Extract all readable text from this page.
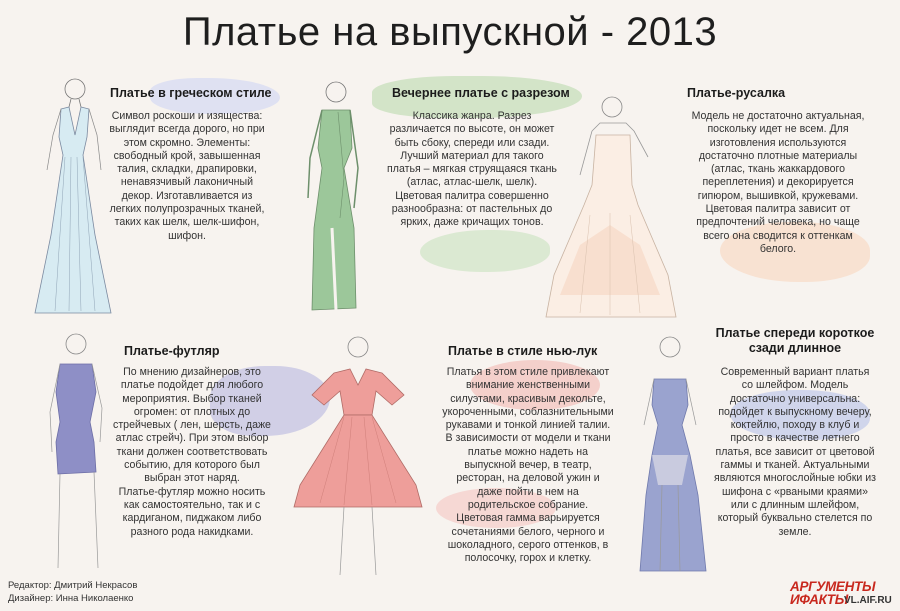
Платье на выпускной - 2013
Платье в греческом стиле
Символ роскоши и изящества:
выглядит всегда дорого, но при
этом скромно. Элементы:
свободный крой, завышенная
талия, складки, драпировки,
ненавязчивый лаконичный
декор. Изготавливается из
легких полупрозрачных тканей,
таких как шелк, шелк-шифон,
шифон.
Вечернее платье с разрезом
Классика жанра. Разрез
различается по высоте, он может
быть сбоку, спереди или сзади.
Лучший материал для такого
платья – мягкая струящаяся ткань
(атлас, атлас-шелк, шелк).
Цветовая палитра совершенно
разнообразна: от пастельных до
ярких, даже кричащих тонов.
Платье-русалка
Модель не достаточно актуальная,
поскольку идет не всем. Для
изготовления используются
достаточно плотные материалы
(атлас, ткань жаккардового
переплетения) и декорируется
гипюром, вышивкой, кружевами.
Цветовая палитра зависит от
предпочтений человека, но чаще
всего она сводится к оттенкам
белого.
Платье-футляр
По мнению дизайнеров, это
платье подойдет для любого
мероприятия. Выбор тканей
огромен: от плотных до
стрейчевых ( лен, шерсть, даже
атлас стрейч). При этом выбор
ткани должен соответствовать
событию, для которого был
выбран этот наряд.
Платье-футляр можно носить
как самостоятельно, так и с
кардиганом, пиджаком либо
разного рода накидками.
Платье в стиле нью-лук
Платья в этом стиле привлекают
внимание женственными
силуэтами, красивым декольте,
укороченными, соблазнительными
рукавами и тонкой линией талии.
В зависимости от модели и ткани
платье можно надеть на
выпускной вечер, в театр,
ресторан, на деловой ужин и
даже пойти в нем на
родительское собрание.
Цветовая гамма варьируется
сочетаниями белого, черного и
шоколадного, серого оттенков, в
полосочку, горох и клетку.
Платье спереди короткое
сзади длинное
Современный вариант платья
со шлейфом. Модель
достаточно универсальна:
подойдет к выпускному вечеру,
коктейлю, походу в клуб и
просто в качестве летнего
платья, все зависит от цветовой
гаммы и тканей. Актуальными
являются многослойные юбки из
шифона с «рваными краями»
или с длинным шлейфом,
который буквально стелется по
земле.
Редактор: Дмитрий Некрасов
Дизайнер: Инна Николаенко
АРГУМЕНТЫ
ИФАКТЫ
VL.AIF.RU
